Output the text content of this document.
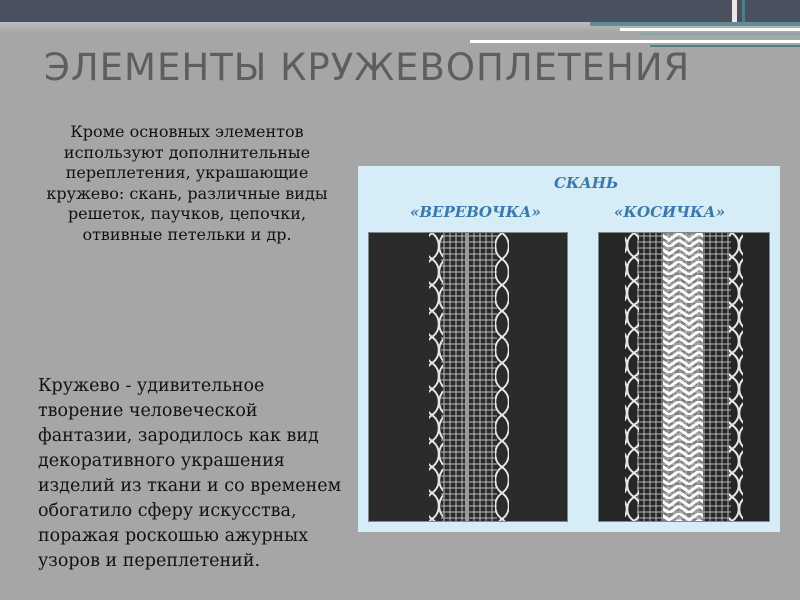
ЭЛЕМЕНТЫ КРУЖЕВОПЛЕТЕНИЯ

Кроме основных элементов используют дополнительные переплетения, украшающие кружево: скань, различные виды решеток, паучков, цепочки, отвивные петельки и др.

Кружево - удивительное творение человеческой фантазии, зародилось как вид декоративного украшения изделий из ткани и со временем обогатило сферу искусства, поражая роскошью ажурных узоров и переплетений.

СКАНЬ
«ВЕРЕВОЧКА»	«КОСИЧКА»
